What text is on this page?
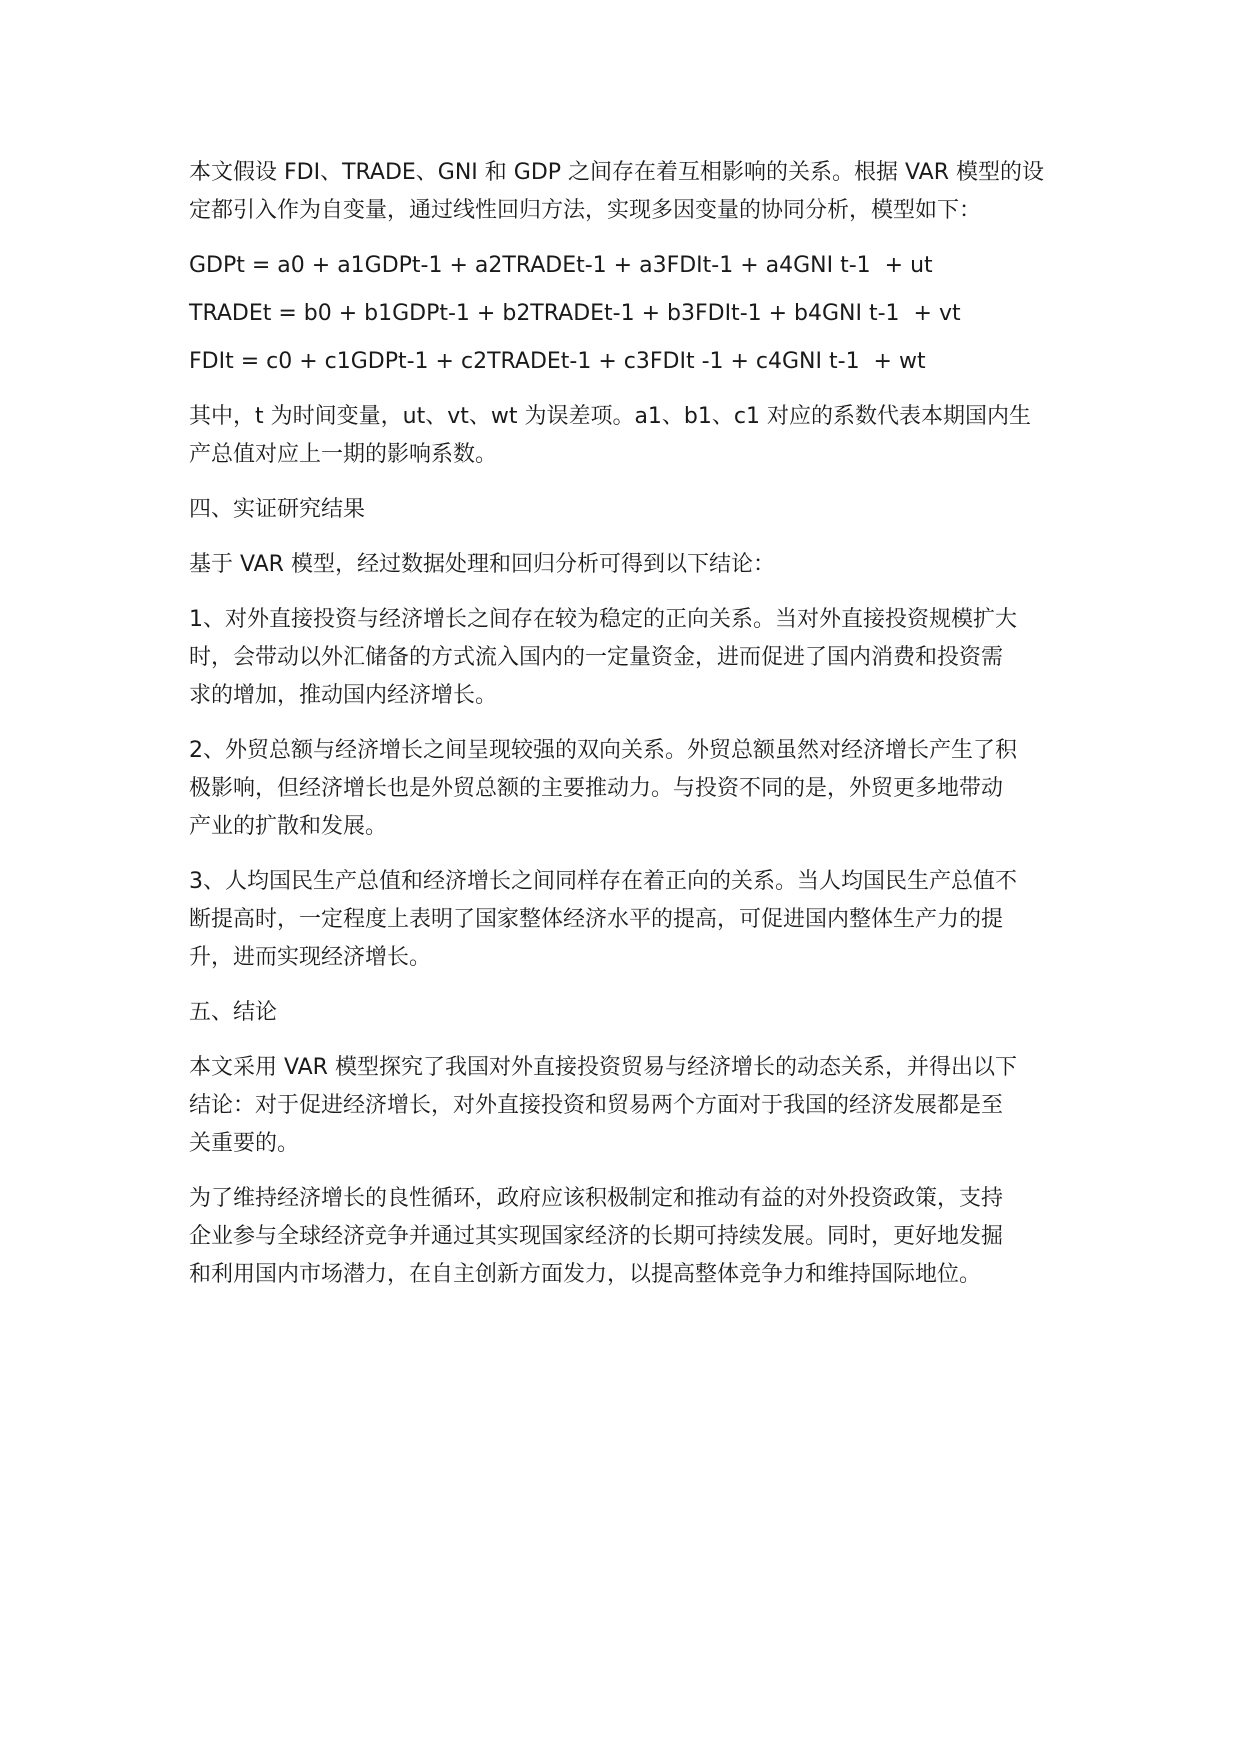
本文假设 FDI、TRADE、GNI 和 GDP 之间存在着互相影响的关系。根据 VAR 模型的设
定都引入作为自变量，通过线性回归方法，实现多因变量的协同分析，模型如下：

GDPt = a0 + a1GDPt-1 + a2TRADEt-1 + a3FDIt-1 + a4GNI t-1  + ut

TRADEt = b0 + b1GDPt-1 + b2TRADEt-1 + b3FDIt-1 + b4GNI t-1  + vt

FDIt = c0 + c1GDPt-1 + c2TRADEt-1 + c3FDIt -1 + c4GNI t-1  + wt

其中，t 为时间变量，ut、vt、wt 为误差项。a1、b1、c1 对应的系数代表本期国内生
产总值对应上一期的影响系数。

四、实证研究结果

基于 VAR 模型，经过数据处理和回归分析可得到以下结论：

1、对外直接投资与经济增长之间存在较为稳定的正向关系。当对外直接投资规模扩大
时，会带动以外汇储备的方式流入国内的一定量资金，进而促进了国内消费和投资需
求的增加，推动国内经济增长。

2、外贸总额与经济增长之间呈现较强的双向关系。外贸总额虽然对经济增长产生了积
极影响，但经济增长也是外贸总额的主要推动力。与投资不同的是，外贸更多地带动
产业的扩散和发展。

3、人均国民生产总值和经济增长之间同样存在着正向的关系。当人均国民生产总值不
断提高时，一定程度上表明了国家整体经济水平的提高，可促进国内整体生产力的提
升，进而实现经济增长。

五、结论

本文采用 VAR 模型探究了我国对外直接投资贸易与经济增长的动态关系，并得出以下
结论：对于促进经济增长，对外直接投资和贸易两个方面对于我国的经济发展都是至
关重要的。

为了维持经济增长的良性循环，政府应该积极制定和推动有益的对外投资政策，支持
企业参与全球经济竞争并通过其实现国家经济的长期可持续发展。同时，更好地发掘
和利用国内市场潜力，在自主创新方面发力，以提高整体竞争力和维持国际地位。
